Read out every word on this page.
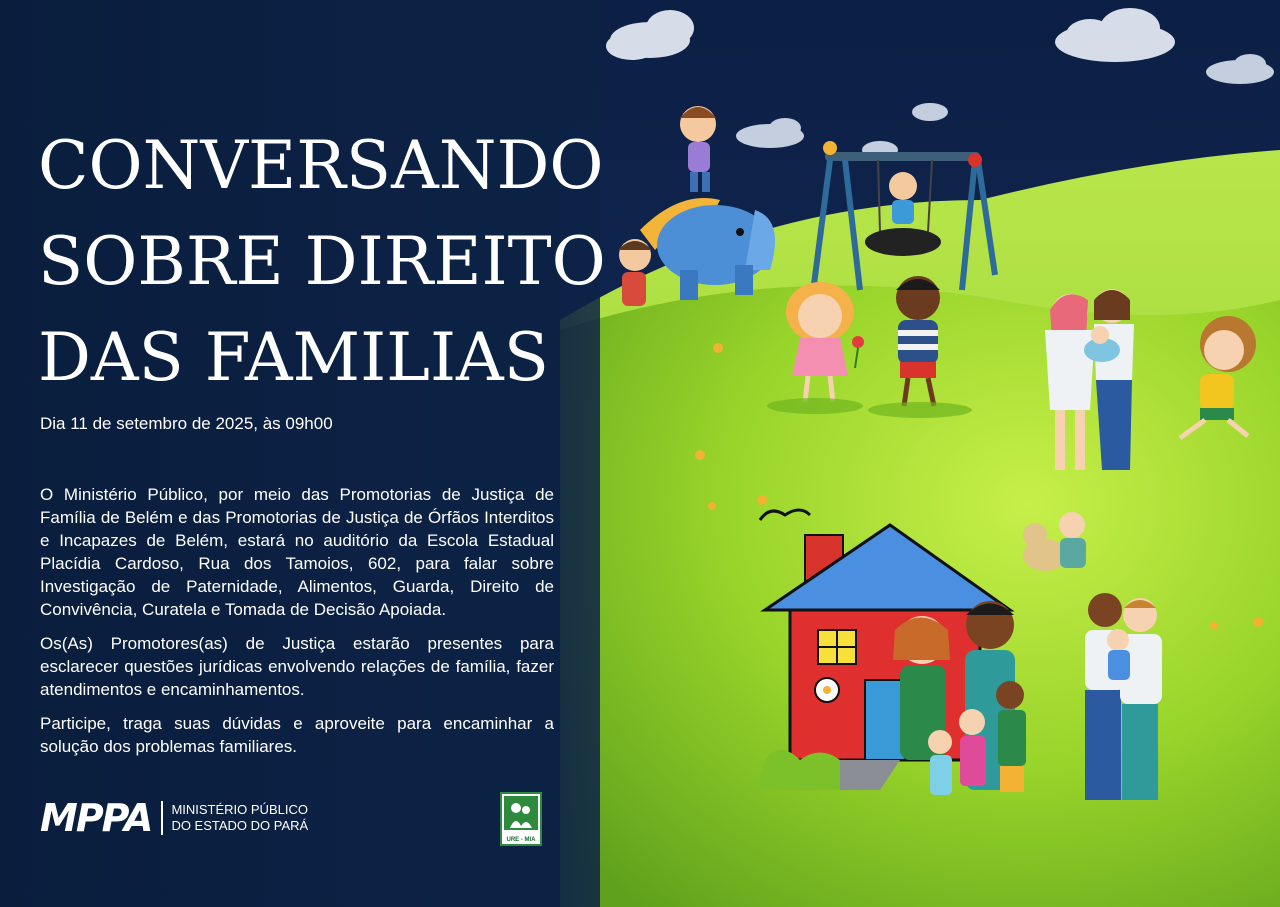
CONVERSANDO
SOBRE DIREITO
DAS FAMILIAS

Dia 11 de setembro de 2025, às 09h00

O Ministério Público, por meio das Promotorias de Justiça de Família de Belém e das Promotorias de Justiça de Órfãos Interditos e Incapazes de Belém, estará no auditório da Escola Estadual Placídia Cardoso, Rua dos Tamoios, 602, para falar sobre Investigação de Paternidade, Alimentos, Guarda, Direito de Convivência, Curatela e Tomada de Decisão Apoiada.

Os(As) Promotores(as) de Justiça estarão presentes para esclarecer questões jurídicas envolvendo relações de família, fazer atendimentos e encaminhamentos.

Participe, traga suas dúvidas e aproveite para encaminhar a solução dos problemas familiares.

MPPA MINISTÉRIO PÚBLICO
DO ESTADO DO PARÁ
URE - MIA
